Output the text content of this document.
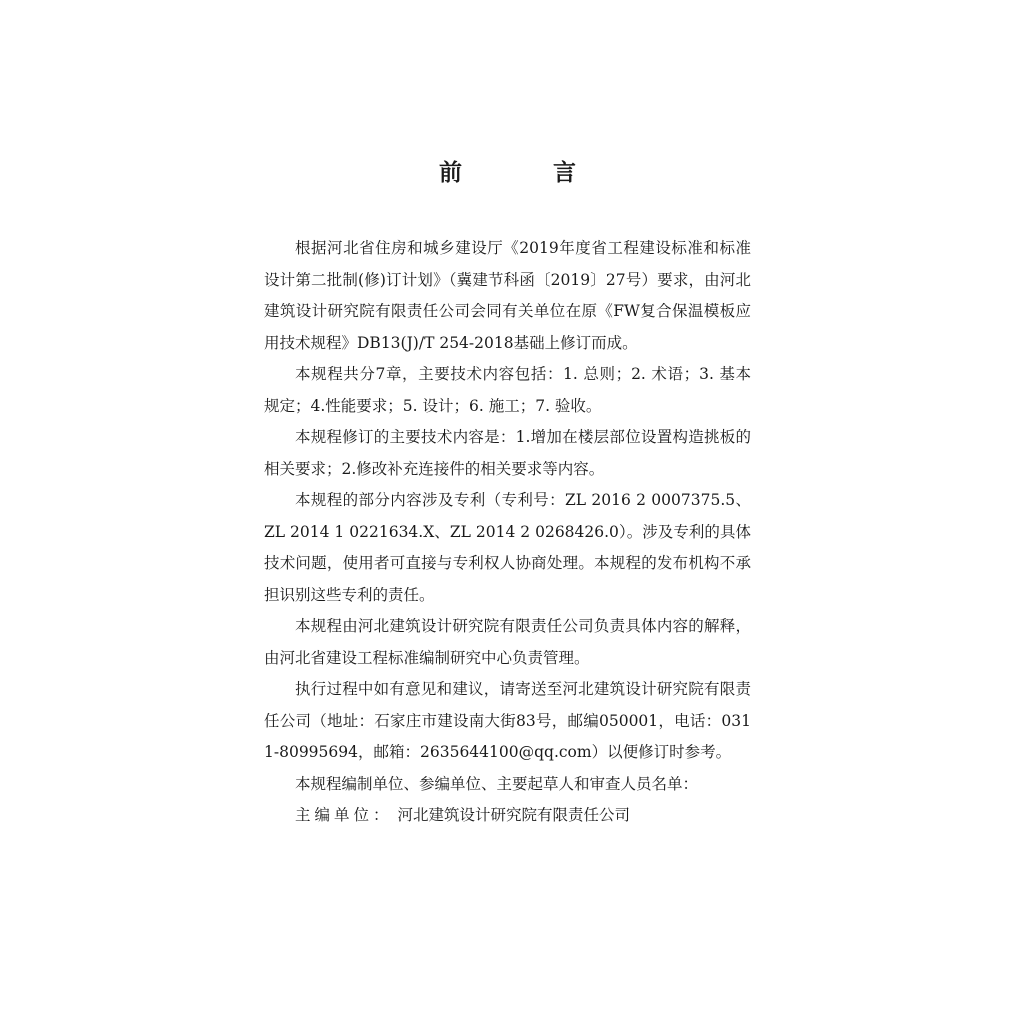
前　言

根据河北省住房和城乡建设厅《2019年度省工程建设标准和标准设计第二批制(修)订计划》（冀建节科函〔2019〕27号）要求，由河北建筑设计研究院有限责任公司会同有关单位在原《FW复合保温模板应用技术规程》DB13(J)/T 254-2018基础上修订而成。

本规程共分7章，主要技术内容包括：1. 总则；2. 术语；3. 基本规定；4.性能要求；5. 设计；6. 施工；7. 验收。

本规程修订的主要技术内容是：1.增加在楼层部位设置构造挑板的相关要求；2.修改补充连接件的相关要求等内容。

本规程的部分内容涉及专利（专利号：ZL 2016 2 0007375.5、ZL 2014 1 0221634.X、ZL 2014 2 0268426.0）。涉及专利的具体技术问题，使用者可直接与专利权人协商处理。本规程的发布机构不承担识别这些专利的责任。

本规程由河北建筑设计研究院有限责任公司负责具体内容的解释，由河北省建设工程标准编制研究中心负责管理。

执行过程中如有意见和建议，请寄送至河北建筑设计研究院有限责任公司（地址：石家庄市建设南大街83号，邮编050001，电话：0311-80995694，邮箱：2635644100@qq.com）以便修订时参考。

本规程编制单位、参编单位、主要起草人和审查人员名单：

主编单位： 河北建筑设计研究院有限责任公司
